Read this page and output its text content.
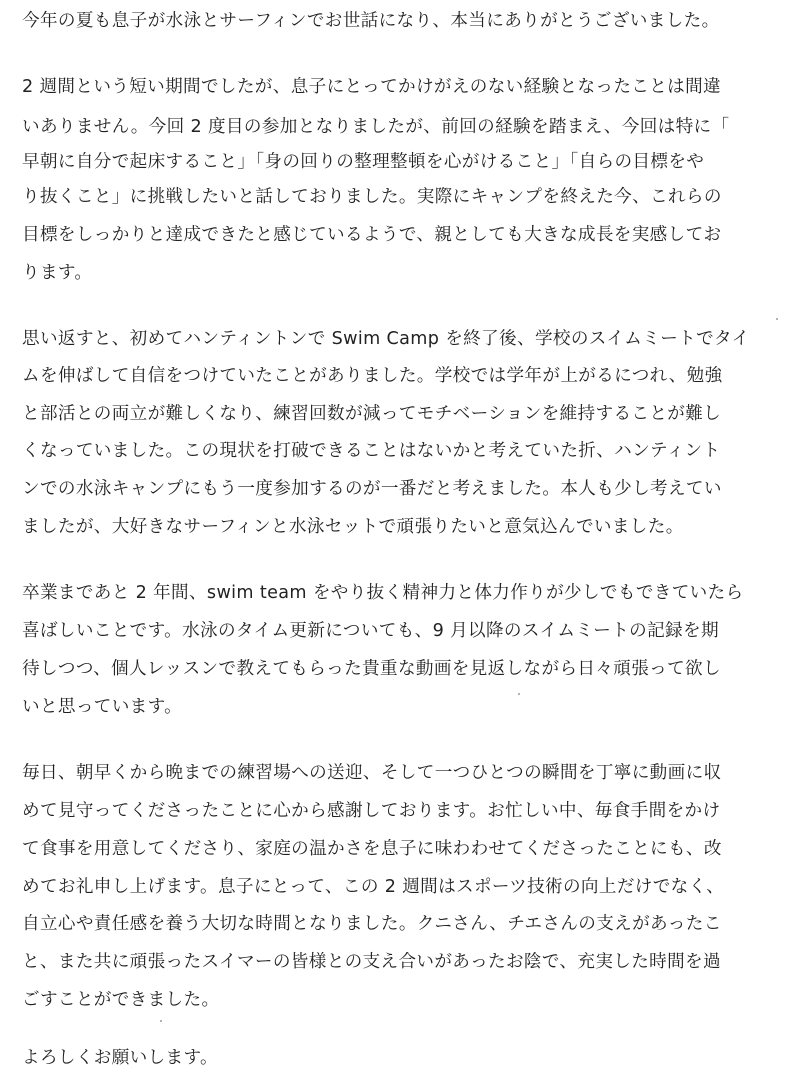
今年の夏も息子が水泳とサーフィンでお世話になり、本当にありがとうございました。
2 週間という短い期間でしたが、息子にとってかけがえのない経験となったことは間違
いありません。今回 2 度目の参加となりましたが、前回の経験を踏まえ、今回は特に「
早朝に自分で起床すること」「身の回りの整理整頓を心がけること」「自らの目標をや
り抜くこと」に挑戦したいと話しておりました。実際にキャンプを終えた今、これらの
目標をしっかりと達成できたと感じているようで、親としても大きな成長を実感してお
ります。
思い返すと、初めてハンティントンで Swim Camp を終了後、学校のスイムミートでタイ
ムを伸ばして自信をつけていたことがありました。学校では学年が上がるにつれ、勉強
と部活との両立が難しくなり、練習回数が減ってモチベーションを維持することが難し
くなっていました。この現状を打破できることはないかと考えていた折、ハンティント
ンでの水泳キャンプにもう一度参加するのが一番だと考えました。本人も少し考えてい
ましたが、大好きなサーフィンと水泳セットで頑張りたいと意気込んでいました。
卒業まであと 2 年間、swim team をやり抜く精神力と体力作りが少しでもできていたら
喜ばしいことです。水泳のタイム更新についても、9 月以降のスイムミートの記録を期
待しつつ、個人レッスンで教えてもらった貴重な動画を見返しながら日々頑張って欲し
いと思っています。
毎日、朝早くから晩までの練習場への送迎、そして一つひとつの瞬間を丁寧に動画に収
めて見守ってくださったことに心から感謝しております。お忙しい中、毎食手間をかけ
て食事を用意してくださり、家庭の温かさを息子に味わわせてくださったことにも、改
めてお礼申し上げます。息子にとって、この 2 週間はスポーツ技術の向上だけでなく、
自立心や責任感を養う大切な時間となりました。クニさん、チエさんの支えがあったこ
と、また共に頑張ったスイマーの皆様との支え合いがあったお陰で、充実した時間を過
ごすことができました。
よろしくお願いします。
